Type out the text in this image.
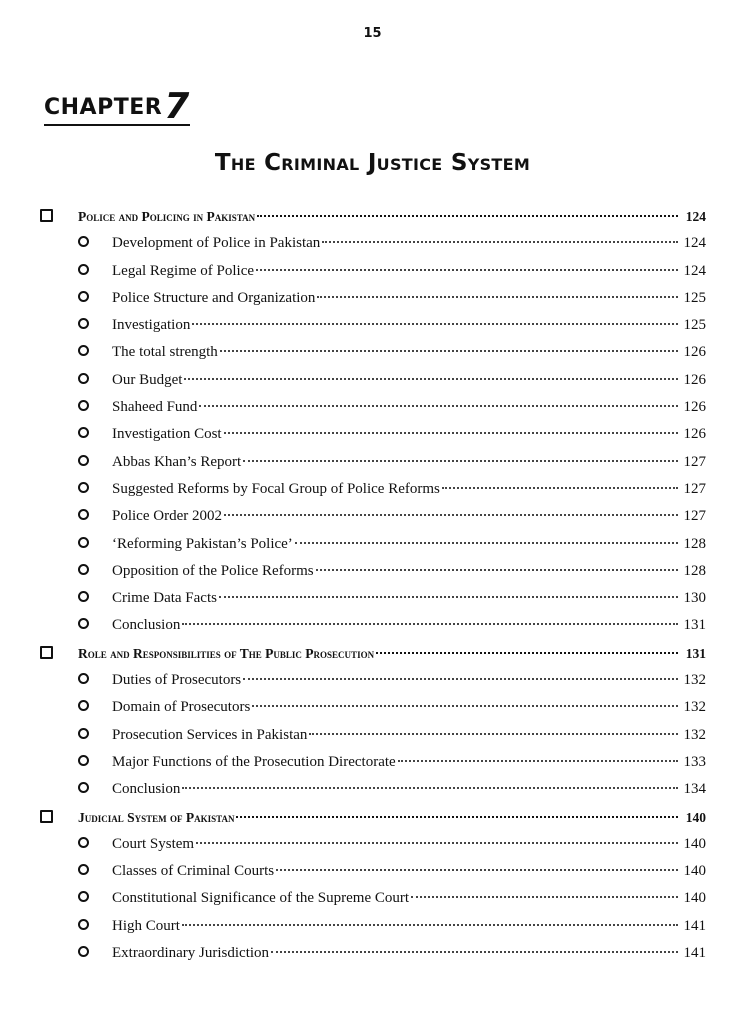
15
CHAPTER7
The Criminal Justice System
Police and Policing in Pakistan	124
Development of Police in Pakistan	124
Legal Regime of Police	124
Police Structure and Organization	125
Investigation	125
The total strength	126
Our Budget	126
Shaheed Fund	126
Investigation Cost	126
Abbas Khan’s Report	127
Suggested Reforms by Focal Group of Police Reforms	127
Police Order 2002	127
‘Reforming Pakistan’s Police’	128
Opposition of the Police Reforms	128
Crime Data Facts	130
Conclusion	131
Role and Responsibilities of The Public Prosecution	131
Duties of Prosecutors	132
Domain of Prosecutors	132
Prosecution Services in Pakistan	132
Major Functions of the Prosecution Directorate	133
Conclusion	134
Judicial System of Pakistan	140
Court System	140
Classes of Criminal Courts	140
Constitutional Significance of the Supreme Court	140
High Court	141
Extraordinary Jurisdiction	141
